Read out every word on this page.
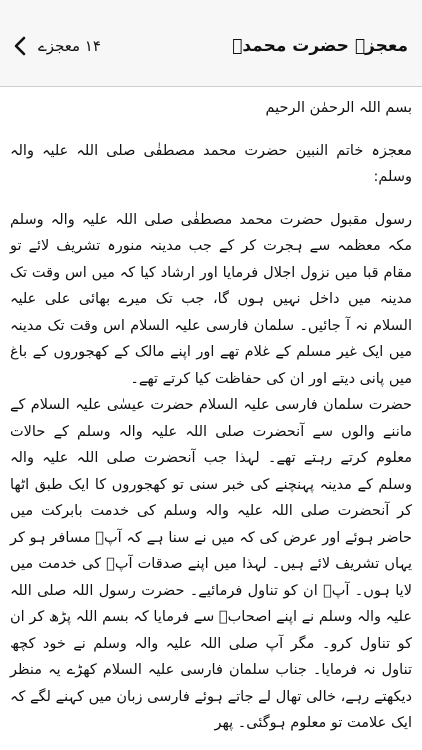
۱۴ معجزے	معجزہ حضرت محمدؐ

بسم اللہ الرحمٰن الرحیم

معجزہ خاتم النبین حضرت محمد مصطفٰی صلی اللہ علیہ والہ وسلم:

رسول مقبول حضرت محمد مصطفٰی صلی اللہ علیہ والہ وسلم مکہ معظمہ سے ہجرت کر کے جب مدینہ منورہ تشریف لائے تو مقام قبا میں نزول اجلال فرمایا اور ارشاد کیا کہ میں اس وقت تک مدینہ میں داخل نہیں ہوں گا، جب تک میرے بھائی علی علیہ السلام نہ آ جائیں۔ سلمان فارسی علیہ السلام اس وقت تک مدینہ میں ایک غیر مسلم کے غلام تھے اور اپنے مالک کے کھجوروں کے باغ میں پانی دیتے اور ان کی حفاظت کیا کرتے تھے۔

حضرت سلمان فارسی علیہ السلام حضرت عیسٰی علیہ السلام کے ماننے والوں سے آنحضرت صلی اللہ علیہ والہ وسلم کے حالات معلوم کرتے رہتے تھے۔ لہذا جب آنحضرت صلی اللہ علیہ والہ وسلم کے مدینہ پہنچنے کی خبر سنی تو کھجوروں کا ایک طبق اٹھا کر آنحضرت صلی اللہ علیہ والہ وسلم کی خدمت بابرکت میں حاضر ہوئے اور عرض کی کہ میں نے سنا ہے کہ آپؐ مسافر ہو کر یہاں تشریف لائے ہیں۔ لہذا میں اپنے صدقات آپؐ کی خدمت میں لایا ہوں۔ آپؐ ان کو تناول فرمائیے۔ حضرت رسول اللہ صلی اللہ علیہ والہ وسلم نے اپنے اصحابؓ سے فرمایا کہ بسم اللہ پڑھ کر ان کو تناول کرو۔ مگر آپ صلی اللہ علیہ والہ وسلم نے خود کچھ تناول نہ فرمایا۔ جناب سلمان فارسی علیہ السلام کھڑے یہ منظر دیکھتے رہے، خالی تھال لے جاتے ہوئے فارسی زبان میں کہنے لگے کہ ایک علامت تو معلوم ہوگئی۔ پھر
